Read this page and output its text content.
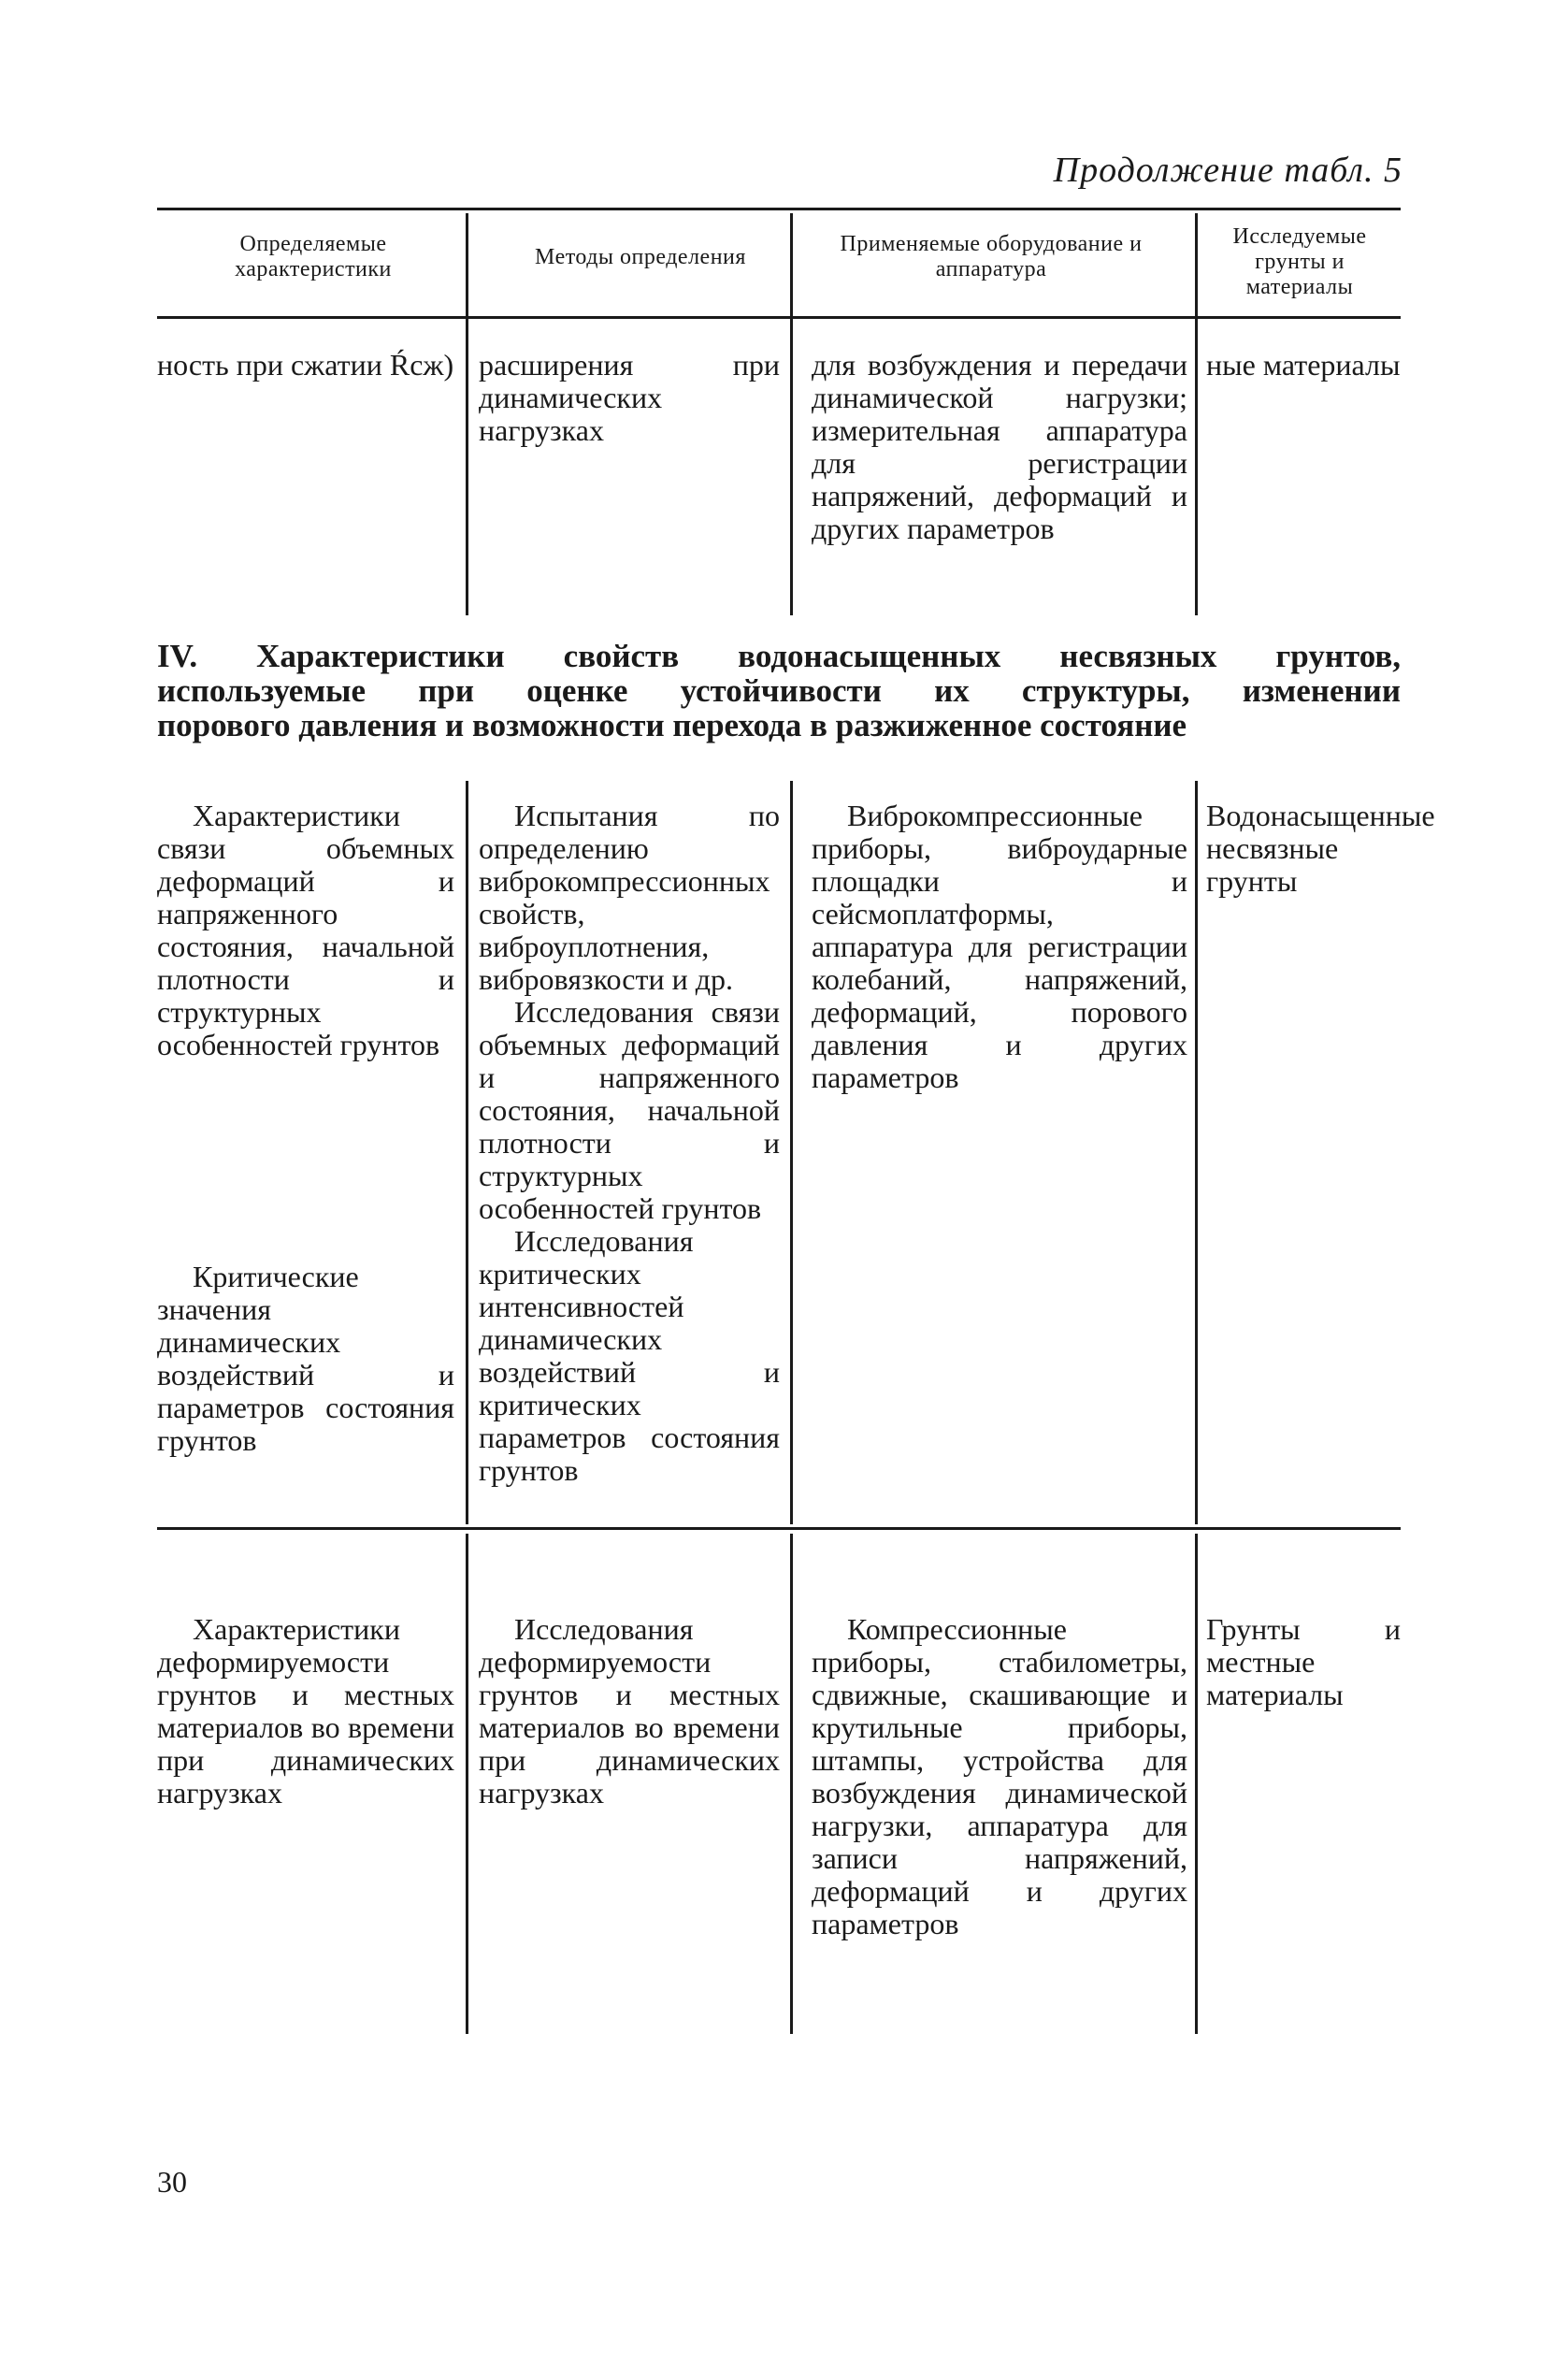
Продолжение табл. 5
Определяемые характеристики	Методы определения
Применяемые оборудование и аппаратура
Исследуемые грунты и материалы
ность при сжатии Ŕсж) расширения при динамических нагрузках
для возбуждения и передачи динамической нагрузки; измерительная аппаратура для регистрации напряжений, деформаций и других параметров
ные материалы
IV. Характеристики свойств водонасыщенных несвязных грунтов,
используемые при оценке устойчивости их структуры, изменении
порового давления и возможности перехода в разжиженное состояние

Характеристики связи объемных деформаций и напряженного состояния, начальной плотности и структурных особенностей грунтов

Критические значения динамических воздействий и параметров состояния грунтов

Испытания по определению виброкомпрессионных свойств, виброуплотнения, вибровязкости и др.

Исследования связи объемных деформаций и напряженного состояния, начальной плотности и структурных особенностей грунтов

Исследования критических интенсивностей динамических воздействий и критических параметров состояния грунтов

Виброкомпрессионные приборы, виброударные площадки и сейсмоплатформы, аппаратура для регистрации колебаний, напряжений, деформаций, порового давления и других параметров

Водонасыщенные несвязные грунты

Характеристики деформируемости грунтов и местных материалов во времени при динамических нагрузках

Исследования деформируемости грунтов и местных материалов во времени при динамических нагрузках

Компрессионные приборы, стабилометры, сдвижные, скашивающие и крутильные приборы, штампы, устройства для возбуждения динамической нагрузки, аппаратура для записи напряжений, деформаций и других параметров

Грунты и местные материалы
30
